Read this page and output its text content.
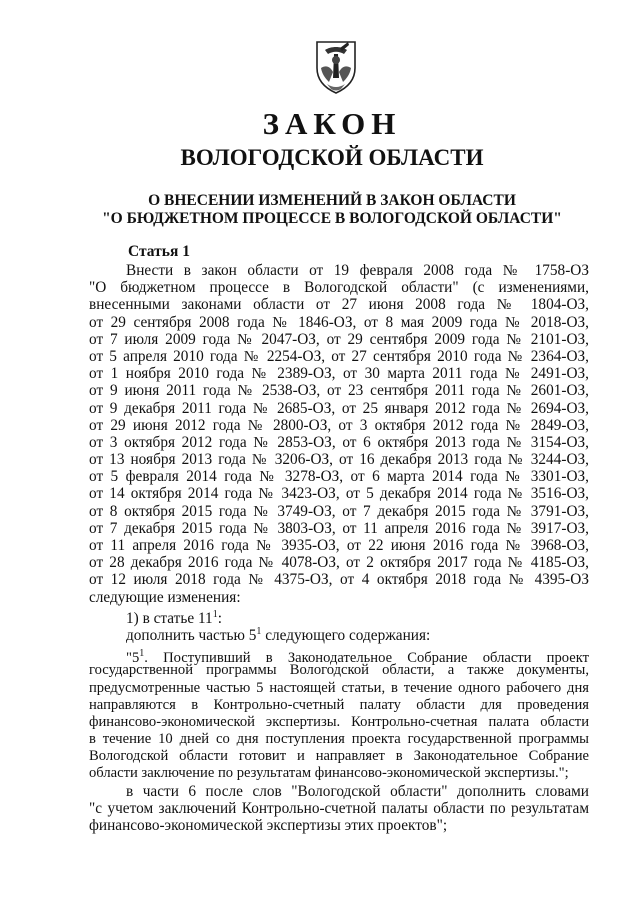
ЗАКОН
ВОЛОГОДСКОЙ ОБЛАСТИ
О ВНЕСЕНИИ ИЗМЕНЕНИЙ В ЗАКОН ОБЛАСТИ
"О БЮДЖЕТНОМ ПРОЦЕССЕ В ВОЛОГОДСКОЙ ОБЛАСТИ"
Статья 1
Внести в закон области от 19 февраля 2008 года № 1758-ОЗ
"О бюджетном процессе в Вологодской области" (с изменениями,
внесенными законами области от 27 июня 2008 года № 1804-ОЗ,
от 29 сентября 2008 года № 1846-ОЗ, от 8 мая 2009 года № 2018-ОЗ,
от 7 июля 2009 года № 2047-ОЗ, от 29 сентября 2009 года № 2101-ОЗ,
от 5 апреля 2010 года № 2254-ОЗ, от 27 сентября 2010 года № 2364-ОЗ,
от 1 ноября 2010 года № 2389-ОЗ, от 30 марта 2011 года № 2491-ОЗ,
от 9 июня 2011 года № 2538-ОЗ, от 23 сентября 2011 года № 2601-ОЗ,
от 9 декабря 2011 года № 2685-ОЗ, от 25 января 2012 года № 2694-ОЗ,
от 29 июня 2012 года № 2800-ОЗ, от 3 октября 2012 года № 2849-ОЗ,
от 3 октября 2012 года № 2853-ОЗ, от 6 октября 2013 года № 3154-ОЗ,
от 13 ноября 2013 года № 3206-ОЗ, от 16 декабря 2013 года № 3244-ОЗ,
от 5 февраля 2014 года № 3278-ОЗ, от 6 марта 2014 года № 3301-ОЗ,
от 14 октября 2014 года № 3423-ОЗ, от 5 декабря 2014 года № 3516-ОЗ,
от 8 октября 2015 года № 3749-ОЗ, от 7 декабря 2015 года № 3791-ОЗ,
от 7 декабря 2015 года № 3803-ОЗ, от 11 апреля 2016 года № 3917-ОЗ,
от 11 апреля 2016 года № 3935-ОЗ, от 22 июня 2016 года № 3968-ОЗ,
от 28 декабря 2016 года № 4078-ОЗ, от 2 октября 2017 года № 4185-ОЗ,
от 12 июля 2018 года № 4375-ОЗ, от 4 октября 2018 года № 4395-ОЗ
следующие изменения:
1) в статье $11^1$:
дополнить частью $5^1$ следующего содержания:
"$5^1$. Поступивший в Законодательное Собрание области проект
государственной программы Вологодской области, а также документы,
предусмотренные частью 5 настоящей статьи, в течение одного рабочего дня
направляются в Контрольно-счетный палату области для проведения
финансово-экономической экспертизы. Контрольно-счетная палата области
в течение 10 дней со дня поступления проекта государственной программы
Вологодской области готовит и направляет в Законодательное Собрание
области заключение по результатам финансово-экономической экспертизы.";
в части 6 после слов "Вологодской области" дополнить словами
"с учетом заключений Контрольно-счетной палаты области по результатам
финансово-экономической экспертизы этих проектов";
